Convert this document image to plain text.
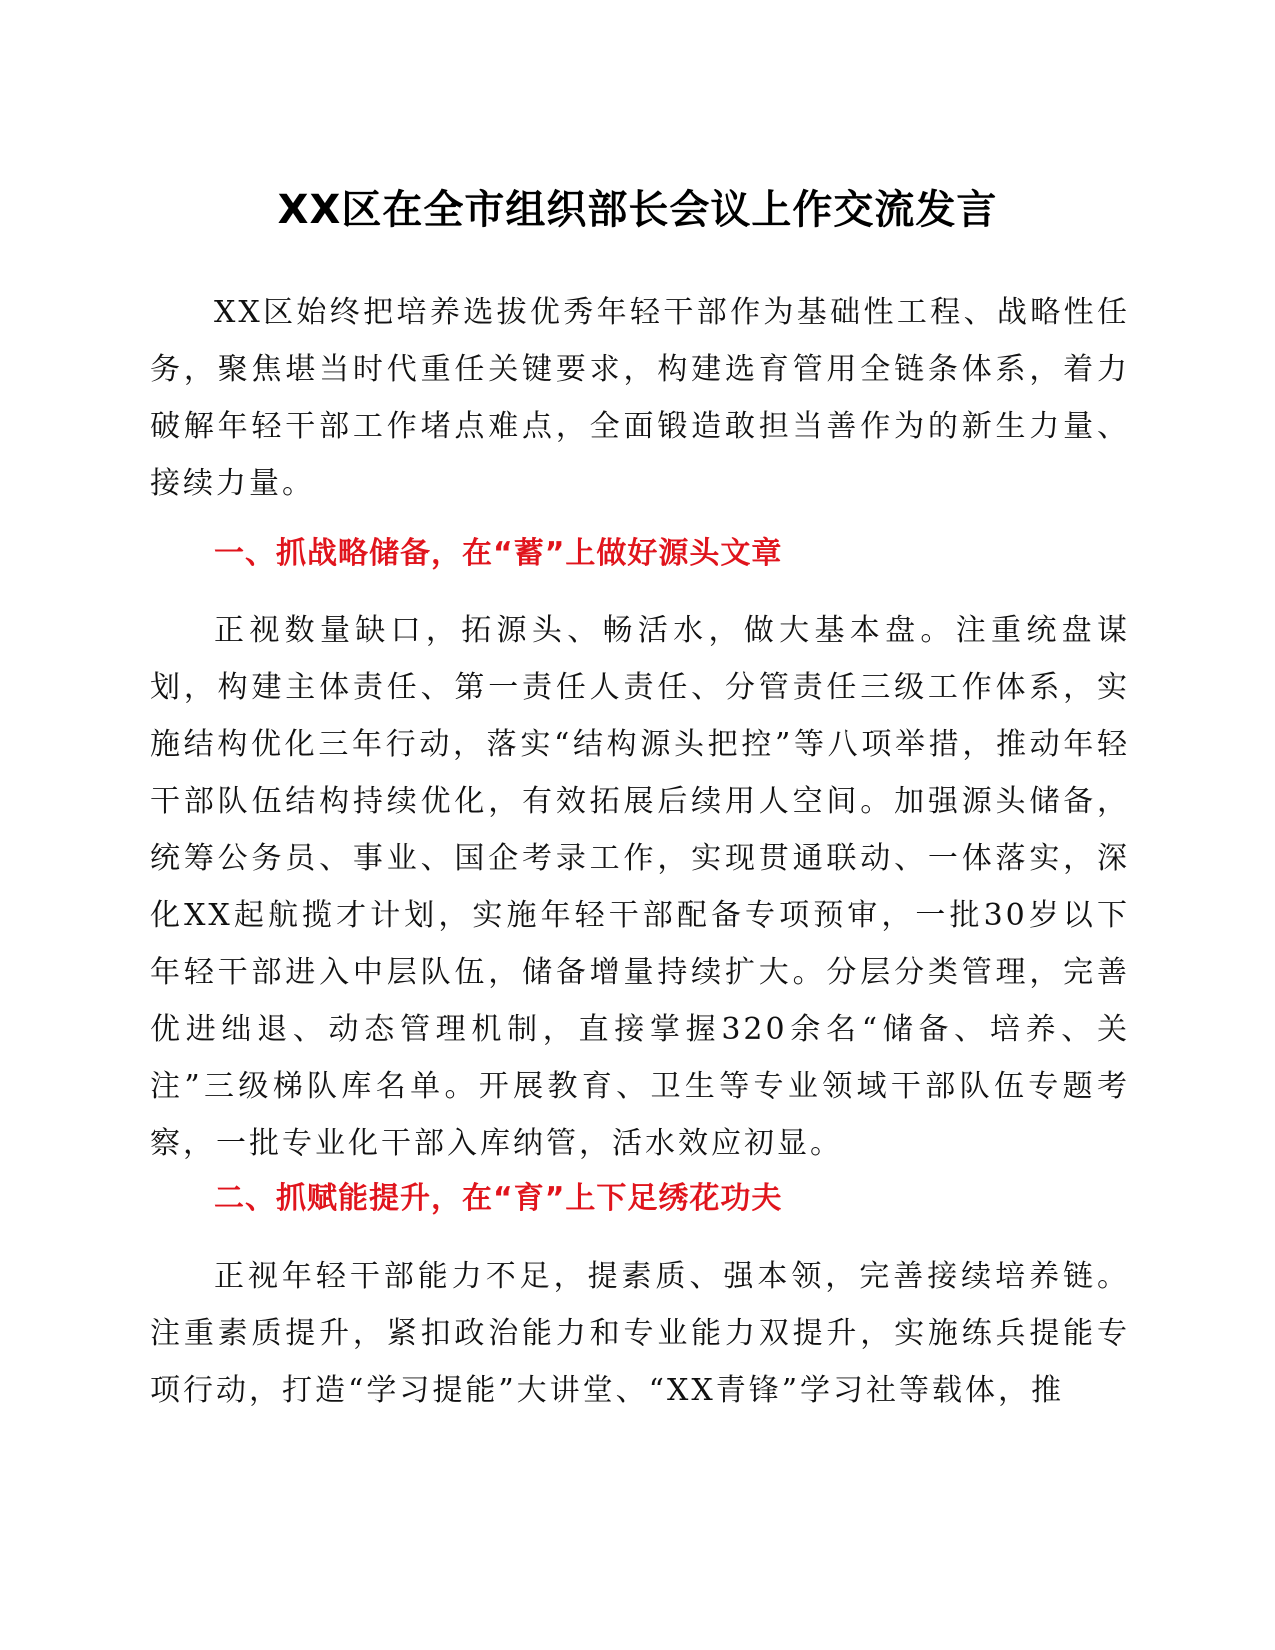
XX区在全市组织部长会议上作交流发言

XX区始终把培养选拔优秀年轻干部作为基础性工程、战略性任务，聚焦堪当时代重任关键要求，构建选育管用全链条体系，着力破解年轻干部工作堵点难点，全面锻造敢担当善作为的新生力量、接续力量。

一、抓战略储备，在“蓄”上做好源头文章

正视数量缺口，拓源头、畅活水，做大基本盘。注重统盘谋划，构建主体责任、第一责任人责任、分管责任三级工作体系，实施结构优化三年行动，落实“结构源头把控”等八项举措，推动年轻干部队伍结构持续优化，有效拓展后续用人空间。加强源头储备，统筹公务员、事业、国企考录工作，实现贯通联动、一体落实，深化XX起航揽才计划，实施年轻干部配备专项预审，一批30岁以下年轻干部进入中层队伍，储备增量持续扩大。分层分类管理，完善优进绌退、动态管理机制，直接掌握320余名“储备、培养、关注”三级梯队库名单。开展教育、卫生等专业领域干部队伍专题考察，一批专业化干部入库纳管，活水效应初显。

二、抓赋能提升，在“育”上下足绣花功夫

正视年轻干部能力不足，提素质、强本领，完善接续培养链。注重素质提升，紧扣政治能力和专业能力双提升，实施练兵提能专项行动，打造“学习提能”大讲堂、“XX青锋”学习社等载体，推
